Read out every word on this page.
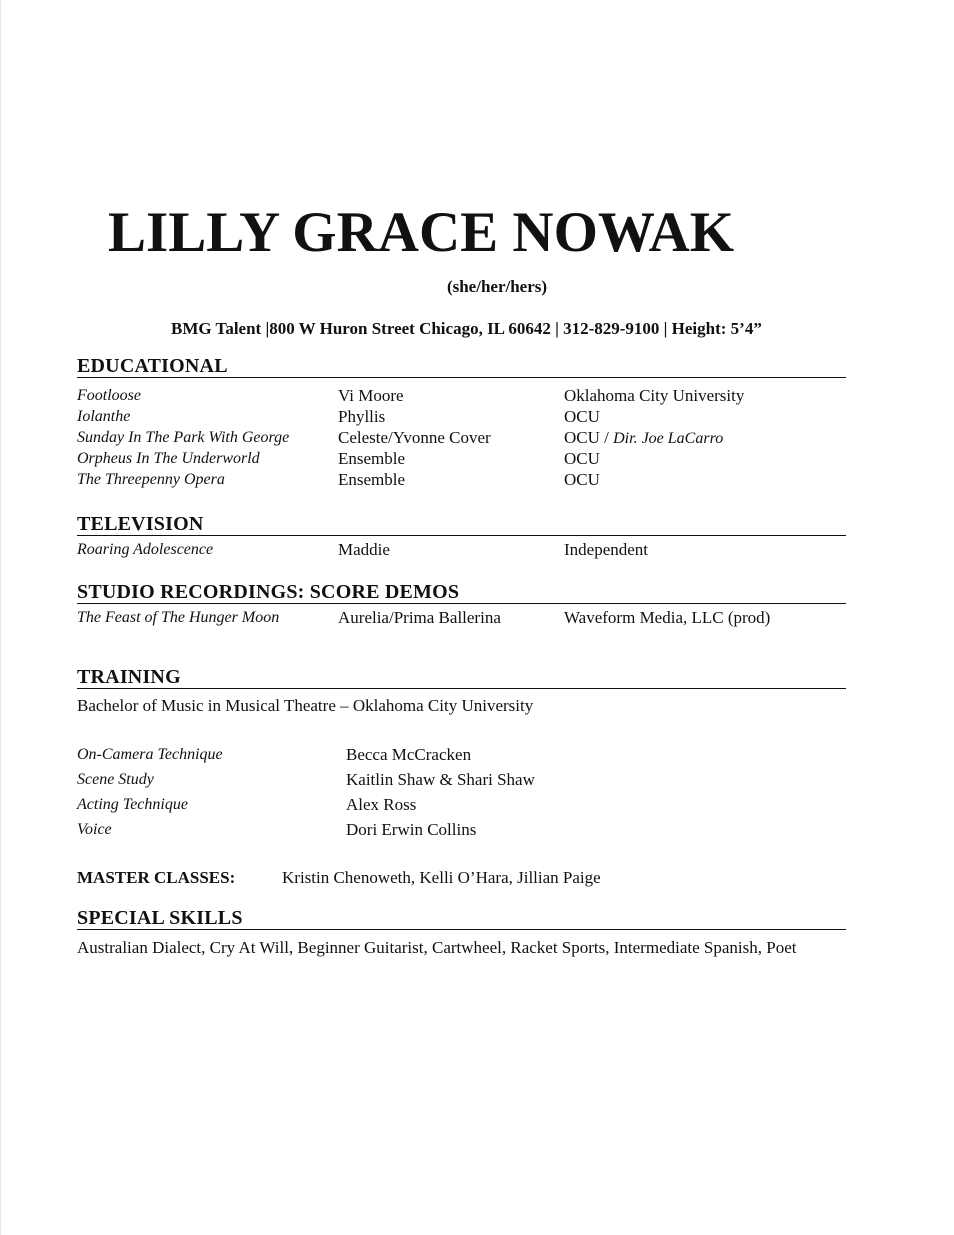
LILLY GRACE NOWAK

(she/her/hers)

BMG Talent |800 W Huron Street Chicago, IL 60642 | 312-829-9100 | Height: 5’4”

EDUCATIONAL
Footloose	Vi Moore	Oklahoma City University
Iolanthe	Phyllis	OCU
Sunday In The Park With George	Celeste/Yvonne Cover	OCU / Dir. Joe LaCarro
Orpheus In The Underworld	Ensemble	OCU
The Threepenny Opera	Ensemble	OCU
TELEVISION
Roaring Adolescence	Maddie	Independent
STUDIO RECORDINGS: SCORE DEMOS
The Feast of The Hunger Moon	Aurelia/Prima Ballerina	Waveform Media, LLC (prod)
TRAINING

Bachelor of Music in Musical Theatre – Oklahoma City University

On-Camera Technique	Becca McCracken
Scene Study	Kaitlin Shaw & Shari Shaw
Acting Technique	Alex Ross
Voice	Dori Erwin Collins

MASTER CLASSES:	Kristin Chenoweth, Kelli O’Hara, Jillian Paige

SPECIAL SKILLS

Australian Dialect, Cry At Will, Beginner Guitarist, Cartwheel, Racket Sports, Intermediate Spanish, Poet
